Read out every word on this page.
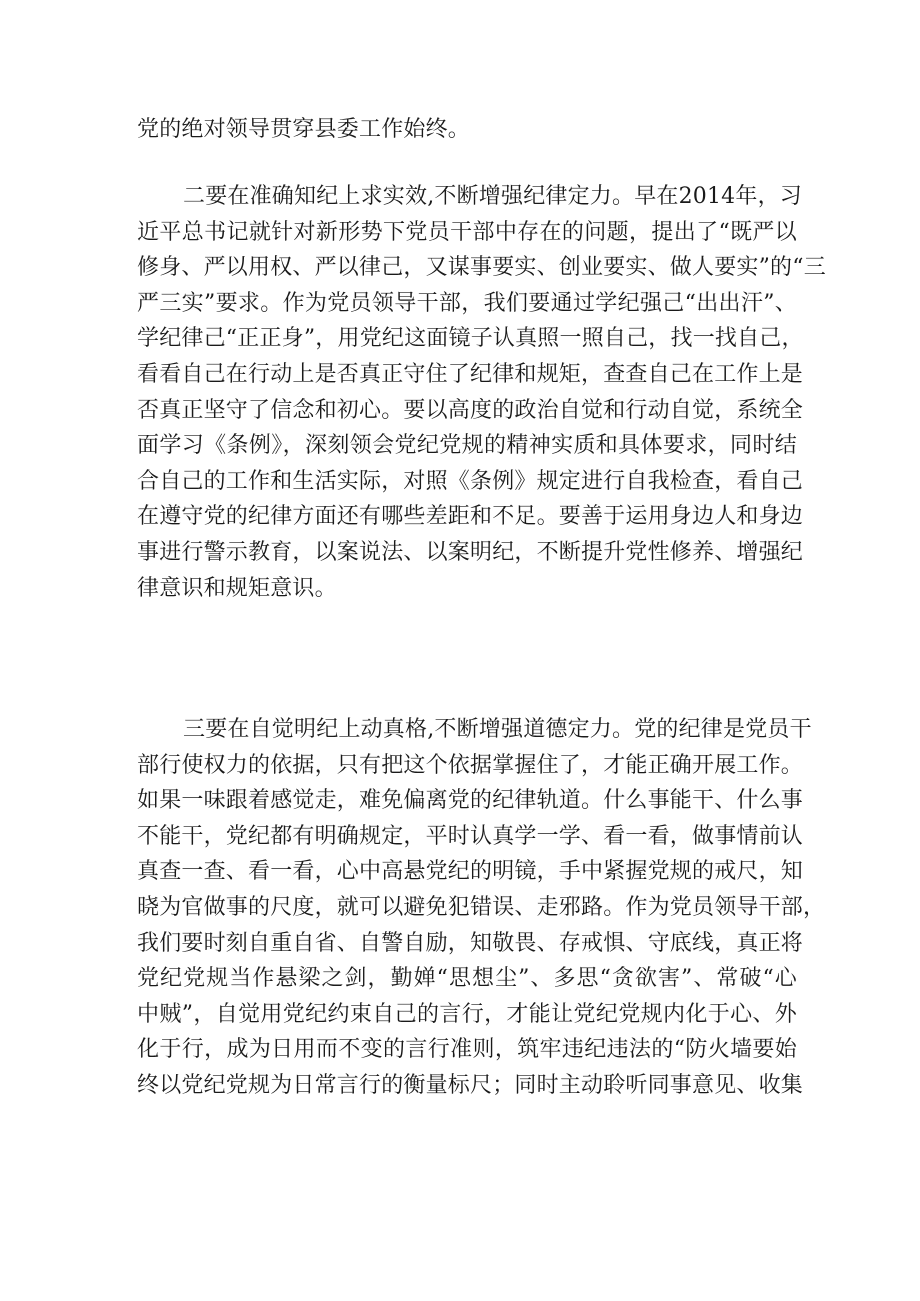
党的绝对领导贯穿县委工作始终。
二要在准确知纪上求实效,不断增强纪律定力。早在2014年，习
近平总书记就针对新形势下党员干部中存在的问题，提出了“既严以
修身、严以用权、严以律己，又谋事要实、创业要实、做人要实”的“三
严三实”要求。作为党员领导干部，我们要通过学纪强己“出出汗”、
学纪律己“正正身”，用党纪这面镜子认真照一照自己，找一找自己，
看看自己在行动上是否真正守住了纪律和规矩，查查自己在工作上是
否真正坚守了信念和初心。要以高度的政治自觉和行动自觉，系统全
面学习《条例》，深刻领会党纪党规的精神实质和具体要求，同时结
合自己的工作和生活实际，对照《条例》规定进行自我检查，看自己
在遵守党的纪律方面还有哪些差距和不足。要善于运用身边人和身边
事进行警示教育，以案说法、以案明纪，不断提升党性修养、增强纪
律意识和规矩意识。
三要在自觉明纪上动真格,不断增强道德定力。党的纪律是党员干
部行使权力的依据，只有把这个依据掌握住了，才能正确开展工作。
如果一味跟着感觉走，难免偏离党的纪律轨道。什么事能干、什么事
不能干，党纪都有明确规定，平时认真学一学、看一看，做事情前认
真查一查、看一看，心中高悬党纪的明镜，手中紧握党规的戒尺，知
晓为官做事的尺度，就可以避免犯错误、走邪路。作为党员领导干部，
我们要时刻自重自省、自警自励，知敬畏、存戒惧、守底线，真正将
党纪党规当作悬梁之剑，勤婵“思想尘”、多思“贪欲害”、常破“心
中贼”，自觉用党纪约束自己的言行，才能让党纪党规内化于心、外
化于行，成为日用而不变的言行准则，筑牢违纪违法的“防火墙要始
终以党纪党规为日常言行的衡量标尺；同时主动聆听同事意见、收集
